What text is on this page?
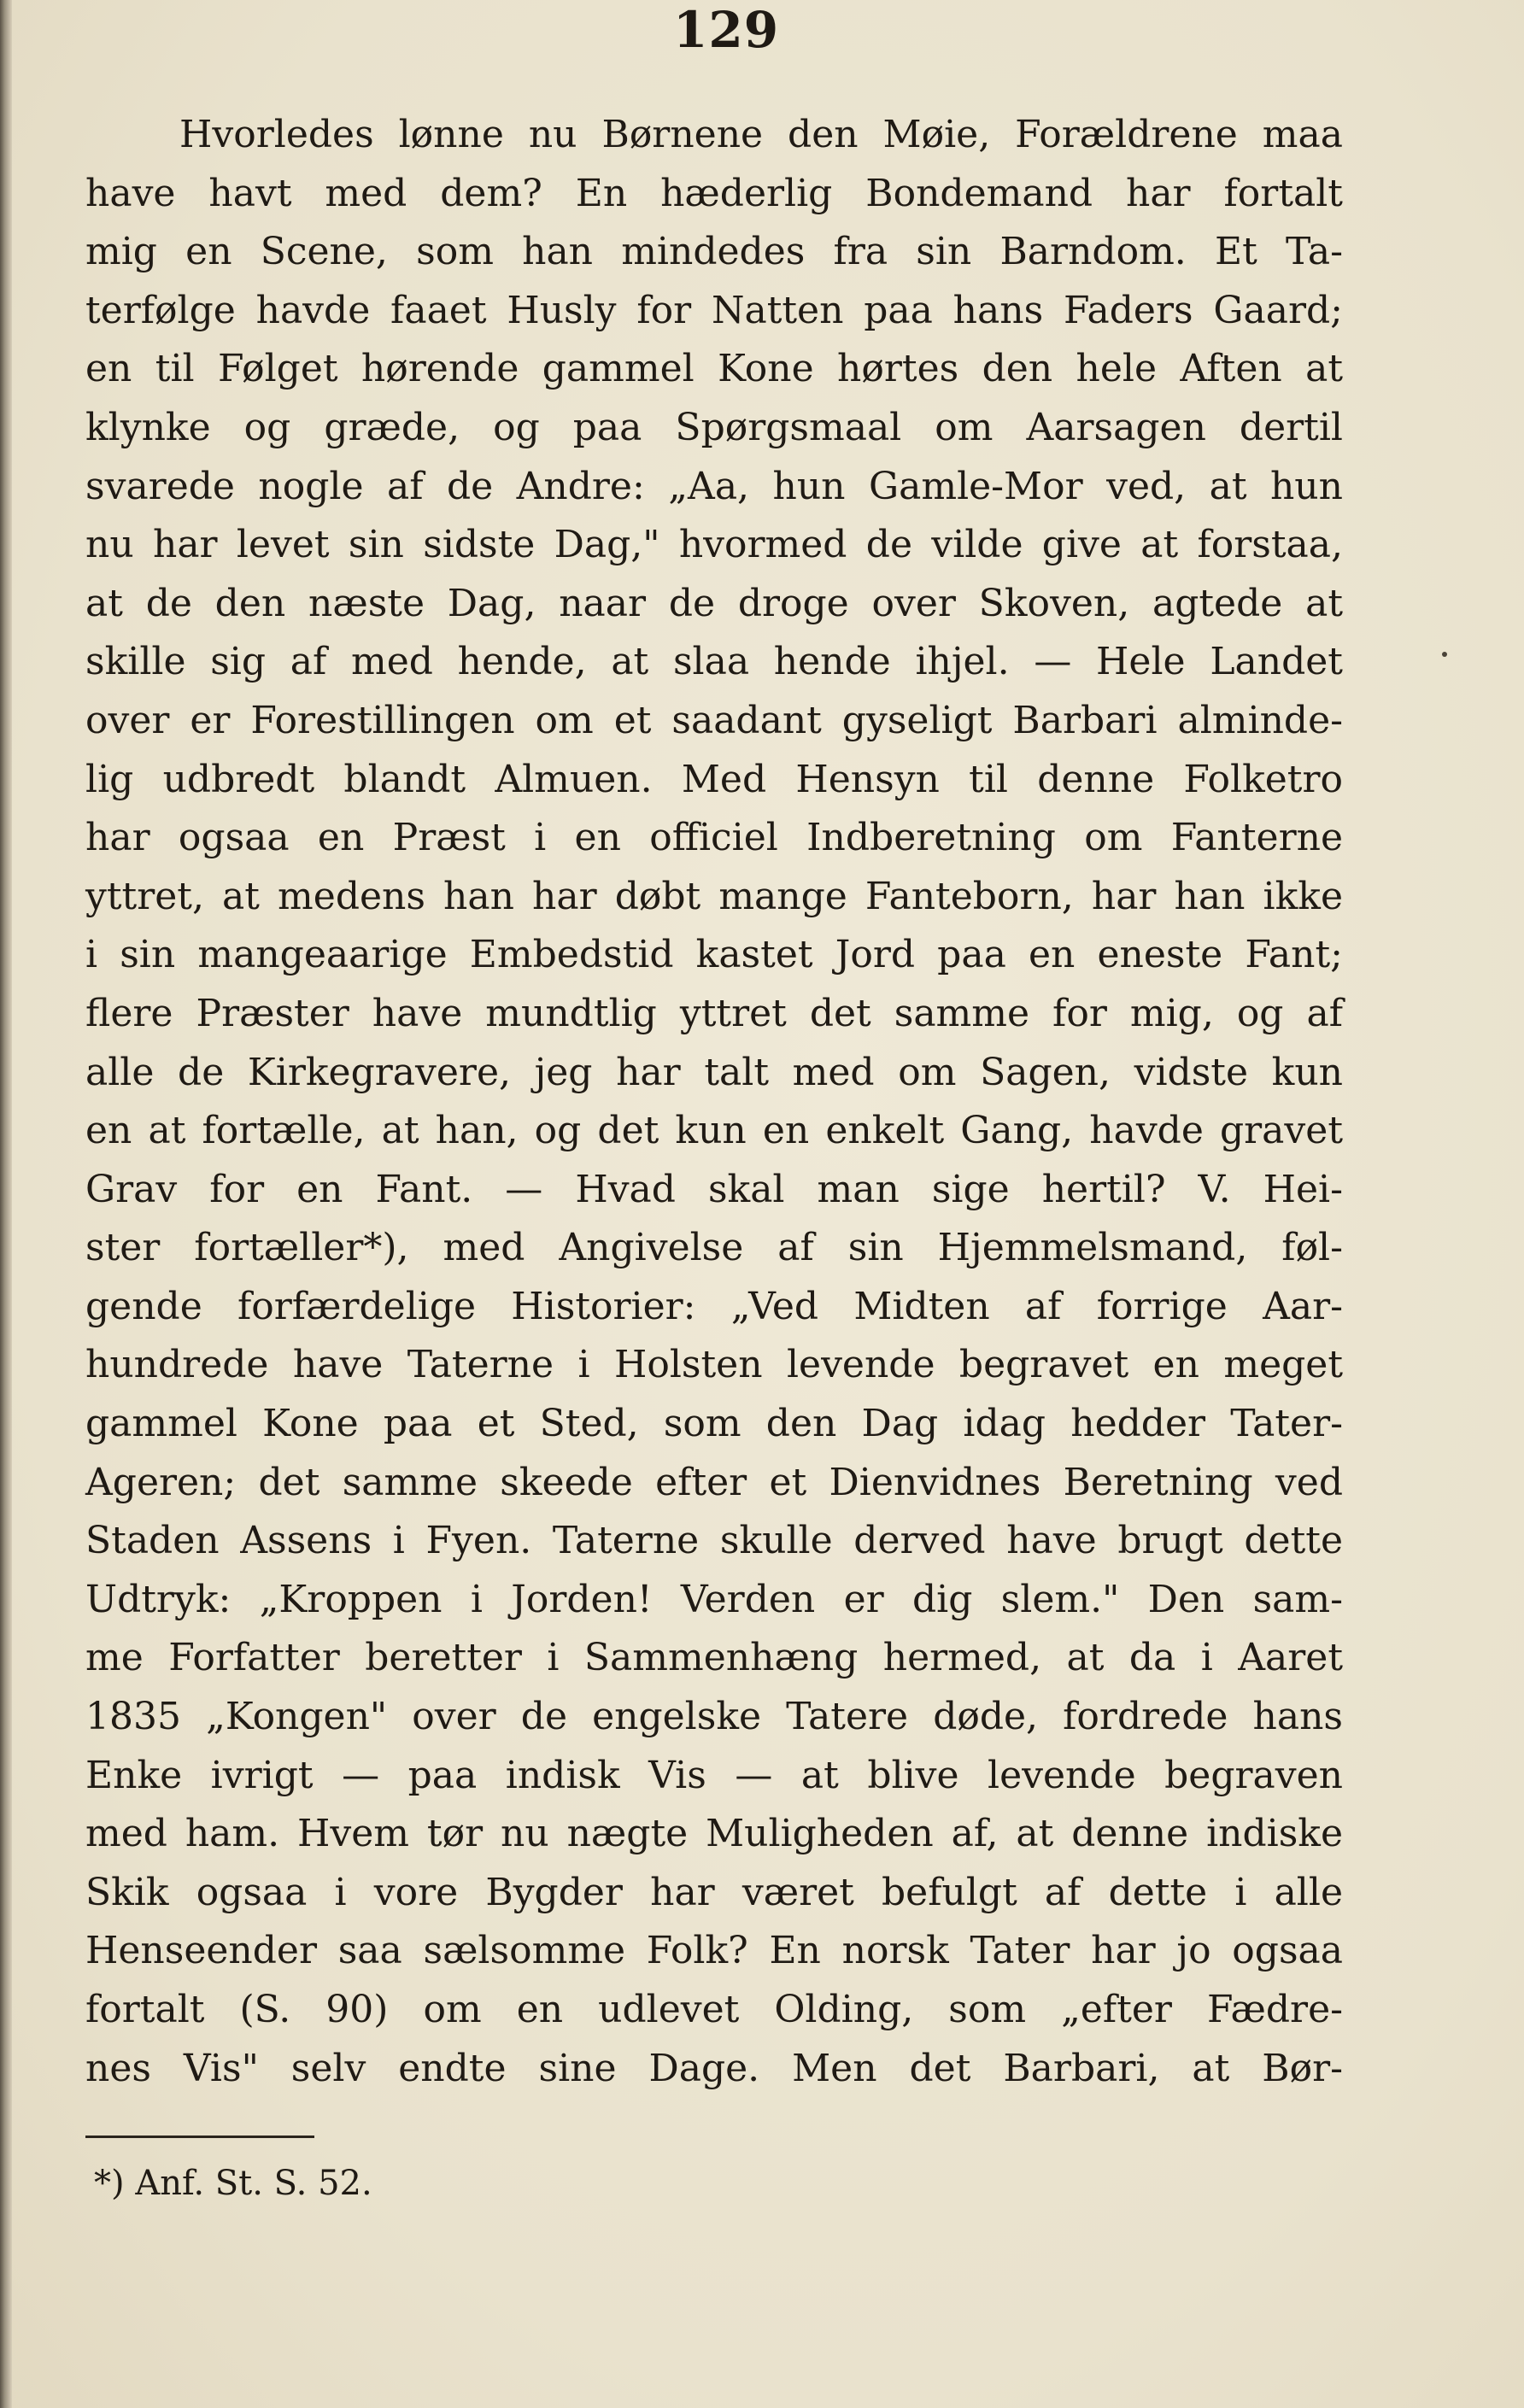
129
Hvorledes lønne nu Børnene den Møie, Forældrene maa
have havt med dem? En hæderlig Bondemand har fortalt
mig en Scene, som han mindedes fra sin Barndom. Et Ta-
terfølge havde faaet Husly for Natten paa hans Faders Gaard;
en til Følget hørende gammel Kone hørtes den hele Aften at
klynke og græde, og paa Spørgsmaal om Aarsagen dertil
svarede nogle af de Andre: „Aa, hun Gamle-Mor ved, at hun
nu har levet sin sidste Dag," hvormed de vilde give at forstaa,
at de den næste Dag, naar de droge over Skoven, agtede at
skille sig af med hende, at slaa hende ihjel. — Hele Landet
over er Forestillingen om et saadant gyseligt Barbari alminde-
lig udbredt blandt Almuen. Med Hensyn til denne Folketro
har ogsaa en Præst i en officiel Indberetning om Fanterne
yttret, at medens han har døbt mange Fanteborn, har han ikke
i sin mangeaarige Embedstid kastet Jord paa en eneste Fant;
flere Præster have mundtlig yttret det samme for mig, og af
alle de Kirkegravere, jeg har talt med om Sagen, vidste kun
en at fortælle, at han, og det kun en enkelt Gang, havde gravet
Grav for en Fant. — Hvad skal man sige hertil? V. Hei-
ster fortæller*), med Angivelse af sin Hjemmelsmand, føl-
gende forfærdelige Historier: „Ved Midten af forrige Aar-
hundrede have Taterne i Holsten levende begravet en meget
gammel Kone paa et Sted, som den Dag idag hedder Tater-
Ageren; det samme skeede efter et Dienvidnes Beretning ved
Staden Assens i Fyen. Taterne skulle derved have brugt dette
Udtryk: „Kroppen i Jorden! Verden er dig slem." Den sam-
me Forfatter beretter i Sammenhæng hermed, at da i Aaret
1835 „Kongen" over de engelske Tatere døde, fordrede hans
Enke ivrigt — paa indisk Vis — at blive levende begraven
med ham. Hvem tør nu nægte Muligheden af, at denne indiske
Skik ogsaa i vore Bygder har været befulgt af dette i alle
Henseender saa sælsomme Folk? En norsk Tater har jo ogsaa
fortalt (S. 90) om en udlevet Olding, som „efter Fædre-
nes Vis" selv endte sine Dage. Men det Barbari, at Bør-
*) Anf. St. S. 52.
